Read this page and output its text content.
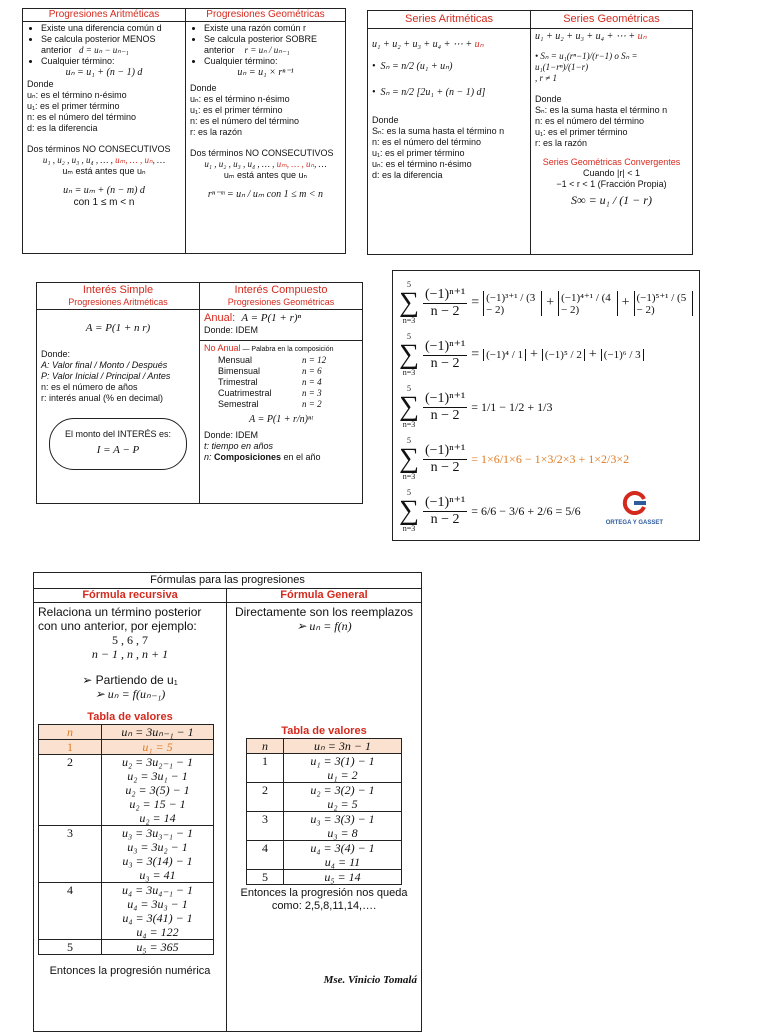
Progresiones Aritméticas
• Existe una diferencia común d
• Se calcula posterior MENOS
anterior d = uₙ − uₙ₋₁
• Cualquier término:
uₙ = u₁ + (n − 1) d
Donde
uₙ: es el término n-ésimo
u₁: es el primer término
n: es el número del término
d: es la diferencia
Dos términos NO CONSECUTIVOS
u₁ , u₂ , u₃ , u₄ , … , uₘ, … , uₙ, …
uₘ está antes que uₙ
uₙ = uₘ + (n − m) d
con 1 ≤ m < n
Progresiones Geométricas
• Existe una razón común r
• Se calcula posterior SOBRE
anterior r = uₙ / uₙ₋₁
• Cualquier término:
uₙ = u₁ × rⁿ⁻¹
Donde
uₙ: es el término n-ésimo
u₁: es el primer término
n: es el número del término
r: es la razón
Dos términos NO CONSECUTIVOS
u₁ , u₂ , u₃ , u₄ , … , uₘ, … , uₙ, …
uₘ está antes que uₙ
rⁿ⁻ᵐ = uₙ / uₘ con 1 ≤ m < n
Series Aritméticas
u₁ + u₂ + u₃ + u₄ + ⋯ + uₙ
•  Sₙ = n/2 (u₁ + uₙ)
•  Sₙ = n/2 [2u₁ + (n − 1) d]
Donde
Sₙ: es la suma hasta el término n
n: es el número del término
u₁: es el primer término
uₙ: es el término n-ésimo
d: es la diferencia
Series Geométricas
u₁ + u₂ + u₃ + u₄ + ⋯ + uₙ
• Sₙ = u₁(rⁿ−1)/(r−1) o Sₙ = u₁(1−rⁿ)/(1−r)
, r ≠ 1
Donde
Sₙ: es la suma hasta el término n
n: es el número del término
u₁: es el primer término
r: es la razón
Series Geométricas Convergentes
Cuando |r| < 1
−1 < r < 1 (Fracción Propia)
S∞ = u₁ / (1 − r)
Interés Simple
Progresiones Aritméticas
A = P(1 + n r)
Donde:
A: Valor final / Monto / Después
P: Valor Inicial / Principal / Antes
n: es el número de años
r: interés anual (% en decimal)
El monto del INTERÉS es:
I = A − P
Interés Compuesto
Progresiones Geométricas
Anual: A = P(1 + r)ⁿ
Donde: IDEM
No Anual — Palabra en la composición
Mensual	n = 12
Bimensual	n = 6
Trimestral	n = 4
Cuatrimestral	n = 3
Semestral	n = 2
A = P(1 + r/n)ⁿᵗ
Donde: IDEM
t: tiempo en años
n: Composiciones en el año
5
∑
n=3
$\frac{\text{(−1)ⁿ⁺¹}}{n - 2} = (-1)^{3+1} / (3 - 2)$	+ (−1)⁴⁺¹ / (4 − 2)	+ (−1)⁵⁺¹ / (5 − 2)
5
∑
n=3
$\frac{\text{(−1)ⁿ⁺¹}}{n - 2} = (-1)^4 / 1 + (-1)^5 / 2 + (-1)^6 / 3$
5
∑
n=3
$\frac{\text{(−1)ⁿ⁺¹}}{n - 2} = 1/1 - 1/2 + 1/3$
5
∑
n=3
$\frac{\text{(−1)ⁿ⁺¹}}{n - 2} = 1\times 6/1\times 6 - 1\times 3/2\times 3 + 1\times 2/3\times 2$
5
∑
n=3
$\frac{\text{(−1)ⁿ⁺¹}}{n - 2} = 6/6 - 3/6 + 2/6 = 5/6$
ORTEGA Y GASSET
Fórmulas para las progresiones
Fórmula recursiva
Relaciona un término posterior
con uno anterior, por ejemplo:
5 , 6 , 7
n − 1 , n , n + 1
➢ Partiendo de u₁
➢ uₙ = f(uₙ₋₁)
Tabla de valores
n	uₙ = 3uₙ₋₁ − 1
1	u₁ = 5
2	u₂ = 3u₂₋₁ − 1
u₂ = 3u₁ − 1
u₂ = 3(5) − 1
u₂ = 15 − 1
u₂ = 14

3	u₃ = 3u₃₋₁ − 1
u₃ = 3u₂ − 1
u₃ = 3(14) − 1
u₃ = 41

4	u₄ = 3u₄₋₁ − 1
u₄ = 3u₃ − 1
u₄ = 3(41) − 1
u₄ = 122

5	u₅ = 365
Entonces la progresión numérica
Fórmula General
Directamente son los reemplazos
➢ uₙ = f(n)
Tabla de valores
n	uₙ = 3n − 1
1	u₁ = 3(1) − 1
u₁ = 2

2	u₂ = 3(2) − 1
u₂ = 5

3	u₃ = 3(3) − 1
u₃ = 8

4	u₄ = 3(4) − 1
u₄ = 11

5	u₅ = 14
Entonces la progresión nos queda como: 2,5,8,11,14,….
Mse. Vinicio Tomalá
